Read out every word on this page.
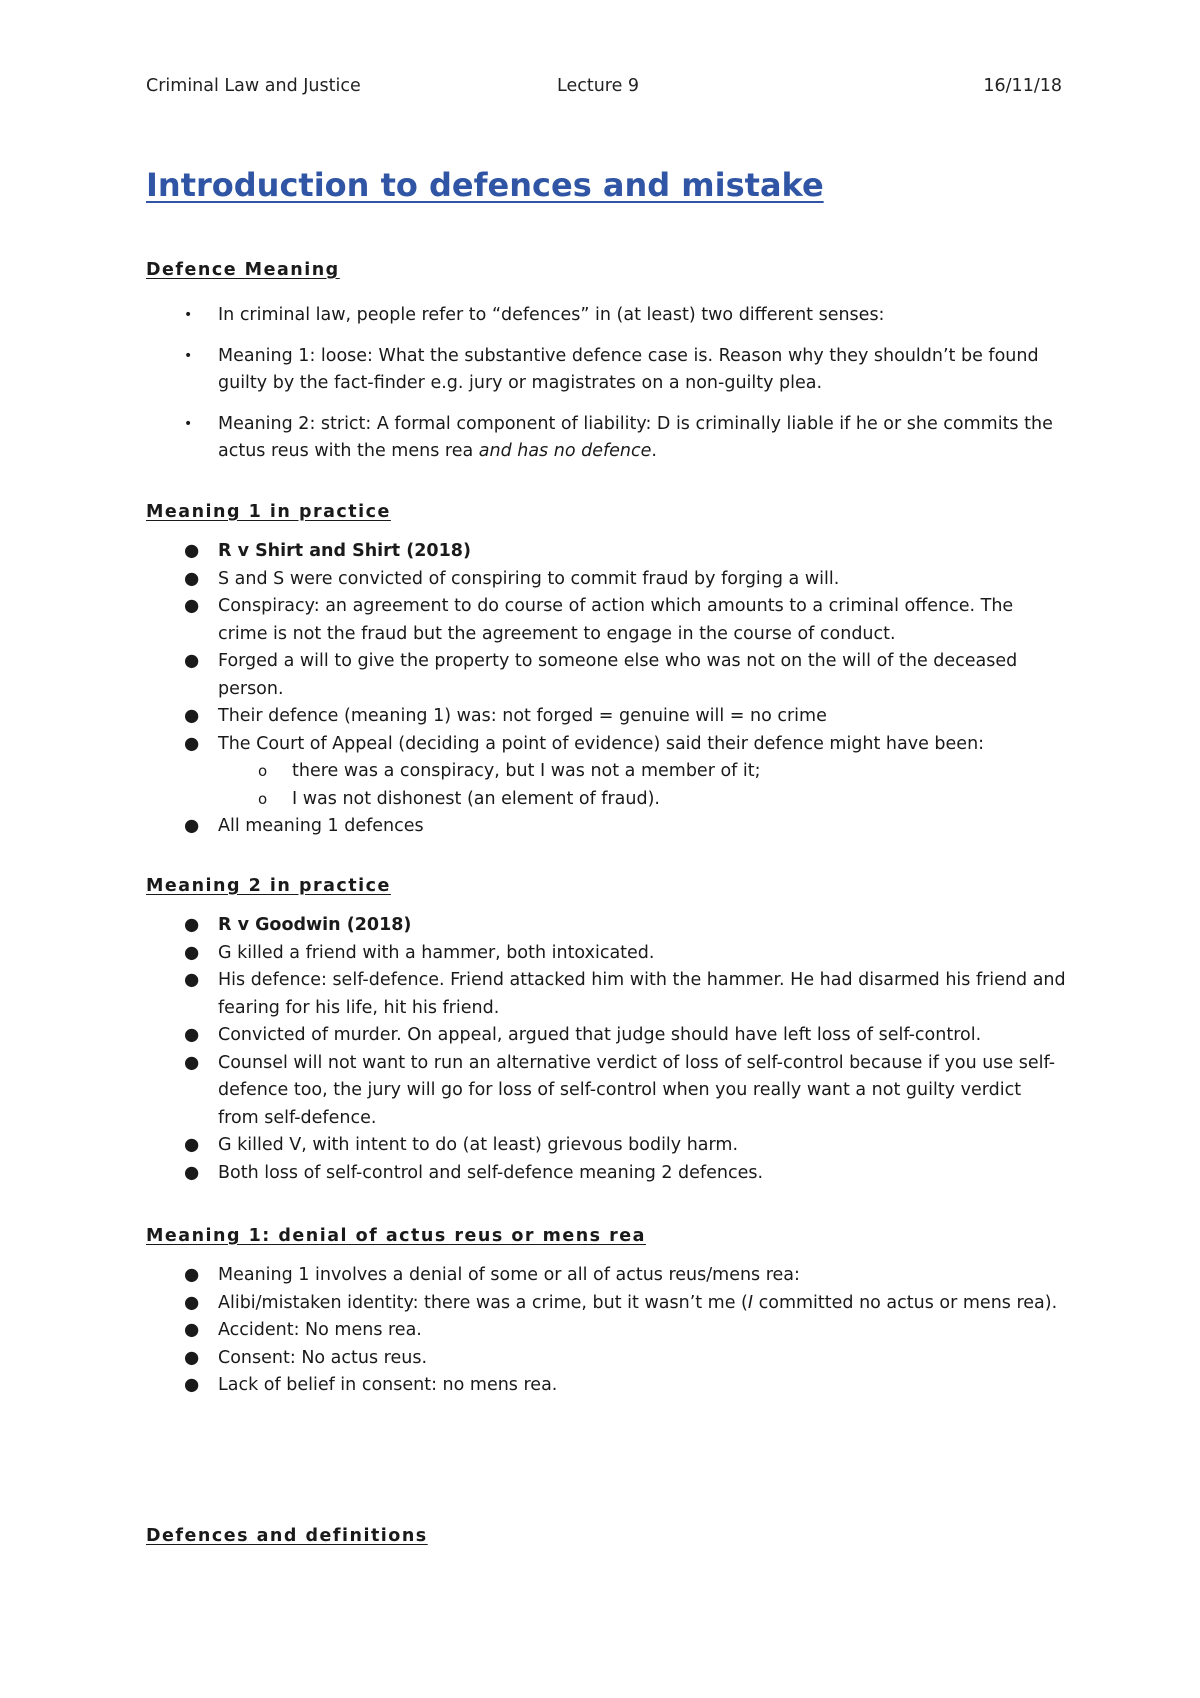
Criminal Law and Justice	Lecture 9	16/11/18
Introduction to defences and mistake
Defence Meaning
• In criminal law, people refer to “defences” in (at least) two different senses:
• Meaning 1: loose: What the substantive defence case is. Reason why they shouldn’t be found guilty by the fact-finder e.g. jury or magistrates on a non-guilty plea.
• Meaning 2: strict: A formal component of liability: D is criminally liable if he or she commits the actus reus with the mens rea and has no defence.
Meaning 1 in practice
● R v Shirt and Shirt (2018)
● S and S were convicted of conspiring to commit fraud by forging a will.
● Conspiracy: an agreement to do course of action which amounts to a criminal offence. The crime is not the fraud but the agreement to engage in the course of conduct.
● Forged a will to give the property to someone else who was not on the will of the deceased person.
● Their defence (meaning 1) was: not forged = genuine will = no crime
● The Court of Appeal (deciding a point of evidence) said their defence might have been:
o there was a conspiracy, but I was not a member of it;
o I was not dishonest (an element of fraud).
● All meaning 1 defences
Meaning 2 in practice
● R v Goodwin (2018)
● G killed a friend with a hammer, both intoxicated.
● His defence: self-defence. Friend attacked him with the hammer. He had disarmed his friend and fearing for his life, hit his friend.
● Convicted of murder. On appeal, argued that judge should have left loss of self-control.
● Counsel will not want to run an alternative verdict of loss of self-control because if you use self-defence too, the jury will go for loss of self-control when you really want a not guilty verdict from self-defence.
● G killed V, with intent to do (at least) grievous bodily harm.
● Both loss of self-control and self-defence meaning 2 defences.
Meaning 1: denial of actus reus or mens rea
● Meaning 1 involves a denial of some or all of actus reus/mens rea:
● Alibi/mistaken identity: there was a crime, but it wasn’t me (I committed no actus or mens rea).
● Accident: No mens rea.
● Consent: No actus reus.
● Lack of belief in consent: no mens rea.
Defences and definitions
